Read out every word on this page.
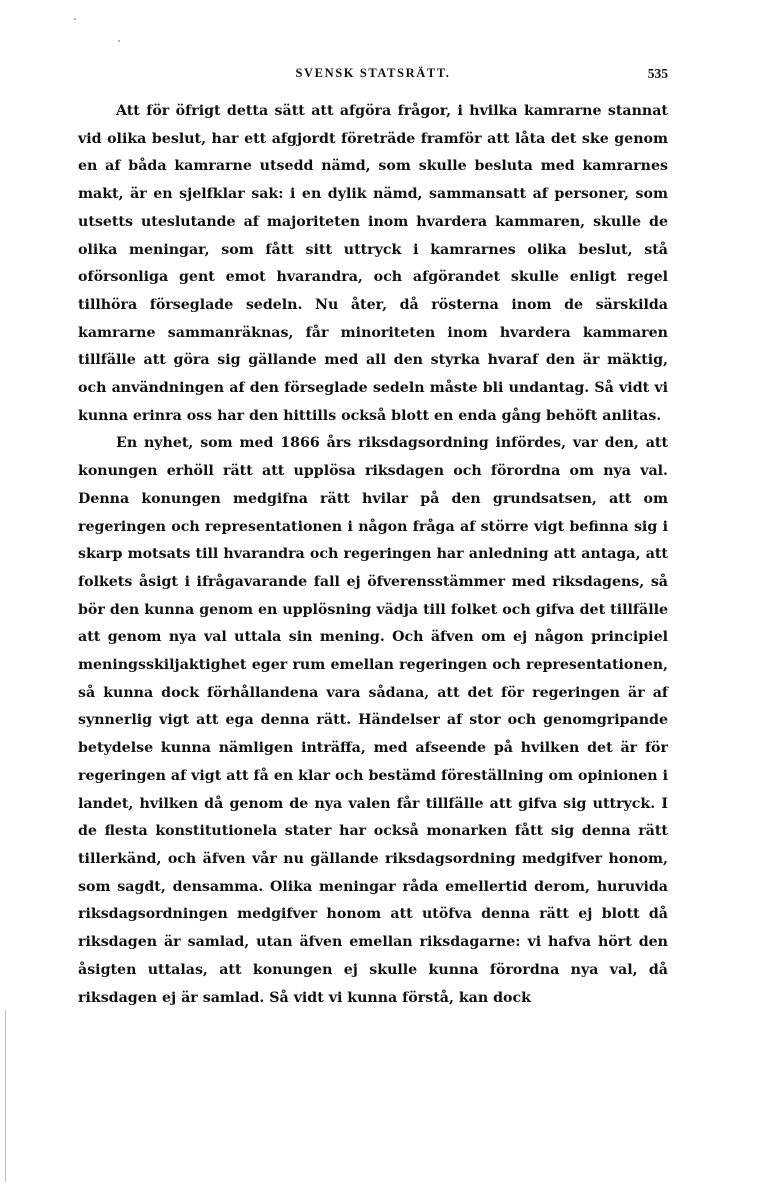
SVENSK STATSRÄTT.	535

Att för öfrigt detta sätt att afgöra frågor, i hvilka kamrarne stannat vid olika beslut, har ett afgjordt företräde framför att låta det ske genom en af båda kamrarne utsedd nämd, som skulle besluta med kamrarnes makt, är en sjelfklar sak: i en dylik nämd, sammansatt af personer, som utsetts uteslutande af majoriteten inom hvardera kammaren, skulle de olika meningar, som fått sitt uttryck i kamrarnes olika beslut, stå oförsonliga gent emot hvarandra, och afgörandet skulle enligt regel tillhöra förseglade sedeln. Nu åter, då rösterna inom de särskilda kamrarne sammanräknas, får minoriteten inom hvardera kammaren tillfälle att göra sig gällande med all den styrka hvaraf den är mäktig, och användningen af den förseglade sedeln måste bli undantag. Så vidt vi kunna erinra oss har den hittills också blott en enda gång behöft anlitas.

En nyhet, som med 1866 års riksdagsordning infördes, var den, att konungen erhöll rätt att upplösa riksdagen och förordna om nya val. Denna konungen medgifna rätt hvilar på den grundsatsen, att om regeringen och representationen i någon fråga af större vigt befinna sig i skarp motsats till hvarandra och regeringen har anledning att antaga, att folkets åsigt i ifrågavarande fall ej öfverensstämmer med riksdagens, så bör den kunna genom en upplösning vädja till folket och gifva det tillfälle att genom nya val uttala sin mening. Och äfven om ej någon principiel meningsskiljaktighet eger rum emellan regeringen och representationen, så kunna dock förhållandena vara sådana, att det för regeringen är af synnerlig vigt att ega denna rätt. Händelser af stor och genomgripande betydelse kunna nämligen inträffa, med afseende på hvilken det är för regeringen af vigt att få en klar och bestämd föreställning om opinionen i landet, hvilken då genom de nya valen får tillfälle att gifva sig uttryck. I de flesta konstitutionela stater har också monarken fått sig denna rätt tillerkänd, och äfven vår nu gällande riksdagsordning medgifver honom, som sagdt, densamma. Olika meningar råda emellertid derom, huruvida riksdagsordningen medgifver honom att utöfva denna rätt ej blott då riksdagen är samlad, utan äfven emellan riksdagarne: vi hafva hört den åsigten uttalas, att konungen ej skulle kunna förordna nya val, då riksdagen ej är samlad. Så vidt vi kunna förstå, kan dock
